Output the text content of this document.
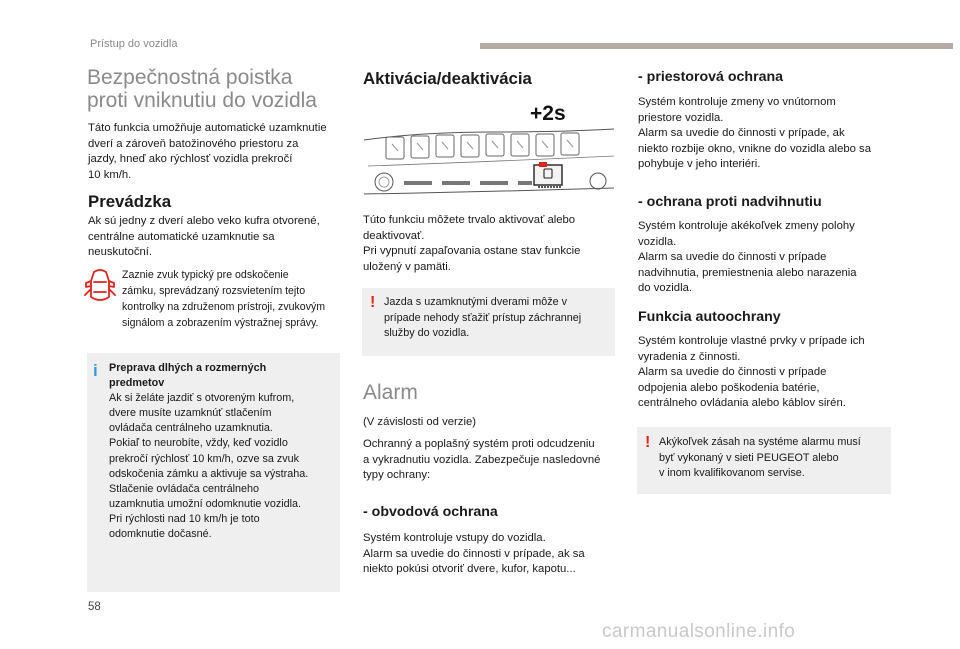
Prístup do vozidla
Bezpečnostná poistka
proti vniknutiu do vozidla
Táto funkcia umožňuje automatické uzamknutie
dverí a zároveň batožinového priestoru za
jazdy, hneď ako rýchlosť vozidla prekročí
10 km/h.
Prevádzka
Ak sú jedny z dverí alebo veko kufra otvorené,
centrálne automatické uzamknutie sa
neuskutoční.
Zaznie zvuk typický pre odskočenie
zámku, sprevádzaný rozsvietením tejto
kontrolky na združenom prístroji, zvukovým
signálom a zobrazením výstražnej správy.
i Preprava dlhých a rozmerných
predmetov
Ak si želáte jazdiť s otvoreným kufrom,
dvere musíte uzamknúť stlačením
ovládača centrálneho uzamknutia.
Pokiaľ to neurobíte, vždy, keď vozidlo
prekročí rýchlosť 10 km/h, ozve sa zvuk
odskočenia zámku a aktivuje sa výstraha.
Stlačenie ovládača centrálneho
uzamknutia umožní odomknutie vozidla.
Pri rýchlosti nad 10 km/h je toto
odomknutie dočasné.
Aktivácia/deaktivácia
+2s
Túto funkciu môžete trvalo aktivovať alebo
deaktivovať.
Pri vypnutí zapaľovania ostane stav funkcie
uložený v pamäti.
! Jazda s uzamknutými dverami môže v
prípade nehody sťažiť prístup záchrannej
služby do vozidla.
Alarm
(V závislosti od verzie)
Ochranný a poplašný systém proti odcudzeniu
a vykradnutiu vozidla. Zabezpečuje nasledovné
typy ochrany:
- obvodová ochrana
Systém kontroluje vstupy do vozidla.
Alarm sa uvedie do činnosti v prípade, ak sa
niekto pokúsi otvoriť dvere, kufor, kapotu...
- priestorová ochrana
Systém kontroluje zmeny vo vnútornom
priestore vozidla.
Alarm sa uvedie do činnosti v prípade, ak
niekto rozbije okno, vnikne do vozidla alebo sa
pohybuje v jeho interiéri.
- ochrana proti nadvihnutiu
Systém kontroluje akékoľvek zmeny polohy
vozidla.
Alarm sa uvedie do činnosti v prípade
nadvihnutia, premiestnenia alebo narazenia
do vozidla.
Funkcia autoochrany
Systém kontroluje vlastné prvky v prípade ich
vyradenia z činnosti.
Alarm sa uvedie do činnosti v prípade
odpojenia alebo poškodenia batérie,
centrálneho ovládania alebo káblov sirén.
! Akýkoľvek zásah na systéme alarmu musí
byť vykonaný v sieti PEUGEOT alebo
v inom kvalifikovanom servise.
58
carmanualsonline.info
